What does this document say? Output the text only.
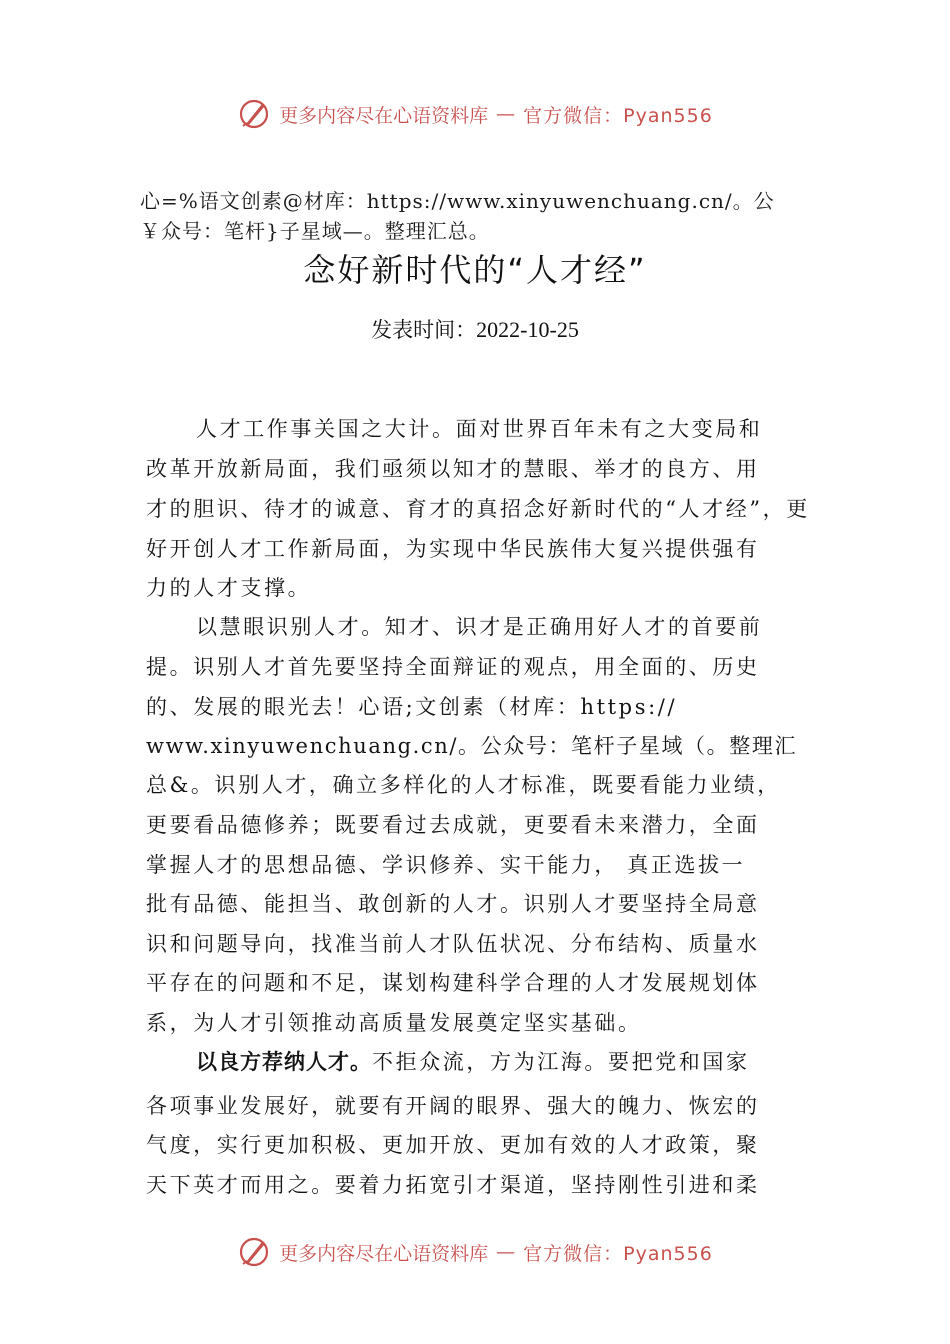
更多内容尽在心语资料库 — 官方微信：Pyan556
心=%语文创素@材库：https://www.xinyuwenchuang.cn/。公
￥众号：笔杆}子星域—。整理汇总。
念好新时代的“人才经”
发表时间：2022-10-25
人才工作事关国之大计。面对世界百年未有之大变局和
改革开放新局面，我们亟须以知才的慧眼、举才的良方、用
才的胆识、待才的诚意、育才的真招念好新时代的“人才经”，更
好开创人才工作新局面，为实现中华民族伟大复兴提供强有
力的人才支撑。
以慧眼识别人才。知才、识才是正确用好人才的首要前
提。识别人才首先要坚持全面辩证的观点，用全面的、历史
的、发展的眼光去！心语;文创素（材库：https://
www.xinyuwenchuang.cn/。公众号：笔杆子星域（。整理汇
总&。识别人才，确立多样化的人才标准，既要看能力业绩，
更要看品德修养；既要看过去成就，更要看未来潜力，全面
掌握人才的思想品德、学识修养、实干能力， 真正选拔一
批有品德、能担当、敢创新的人才。识别人才要坚持全局意
识和问题导向，找准当前人才队伍状况、分布结构、质量水
平存在的问题和不足，谋划构建科学合理的人才发展规划体
系，为人才引领推动高质量发展奠定坚实基础。
以良方荐纳人才。不拒众流，方为江海。要把党和国家
各项事业发展好，就要有开阔的眼界、强大的魄力、恢宏的
气度，实行更加积极、更加开放、更加有效的人才政策，聚
天下英才而用之。要着力拓宽引才渠道，坚持刚性引进和柔
更多内容尽在心语资料库 — 官方微信：Pyan556
